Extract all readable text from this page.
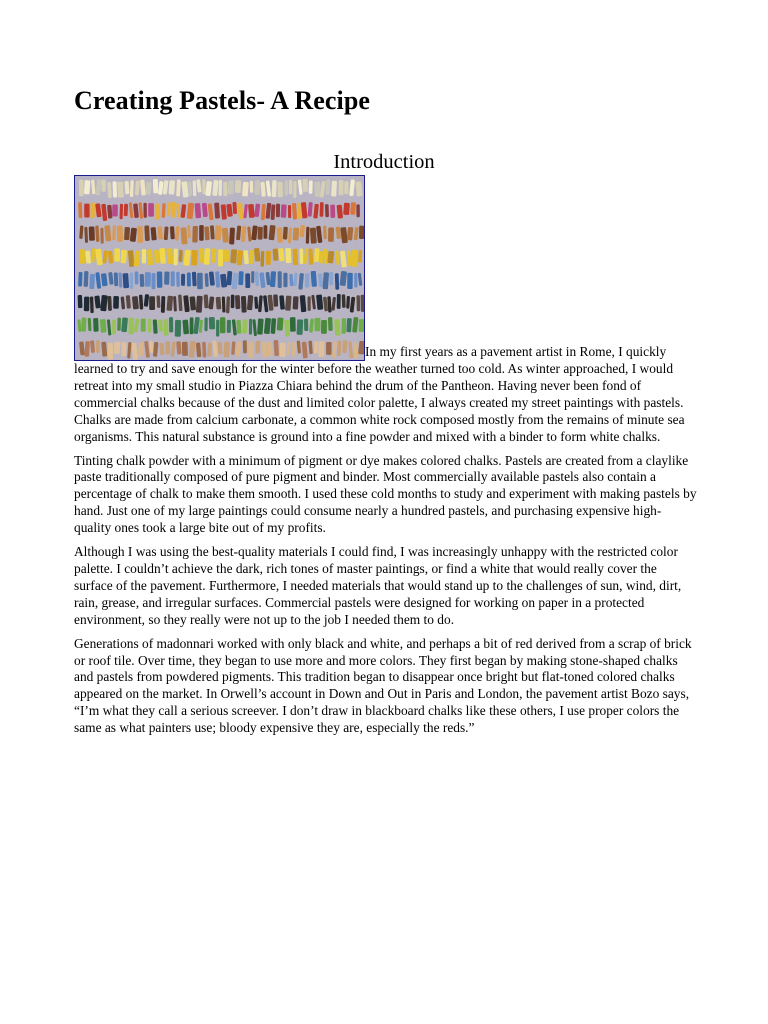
Creating Pastels- A Recipe
Introduction

In my first years as a pavement artist in Rome, I quickly learned to try and save enough for the winter before the weather turned too cold. As winter approached, I would retreat into my small studio in Piazza Chiara behind the drum of the Pantheon. Having never been fond of commercial chalks because of the dust and limited color palette, I always created my street paintings with pastels. Chalks are made from calcium carbonate, a common white rock composed mostly from the remains of minute sea organisms. This natural substance is ground into a fine powder and mixed with a binder to form white chalks.

Tinting chalk powder with a minimum of pigment or dye makes colored chalks. Pastels are created from a claylike paste traditionally composed of pure pigment and binder. Most commercially available pastels also contain a percentage of chalk to make them smooth. I used these cold months to study and experiment with making pastels by hand. Just one of my large paintings could consume nearly a hundred pastels, and purchasing expensive high-quality ones took a large bite out of my profits.

Although I was using the best-quality materials I could find, I was increasingly unhappy with the restricted color palette. I couldn’t achieve the dark, rich tones of master paintings, or find a white that would really cover the surface of the pavement. Furthermore, I needed materials that would stand up to the challenges of sun, wind, dirt, rain, grease, and irregular surfaces. Commercial pastels were designed for working on paper in a protected environment, so they really were not up to the job I needed them to do.

Generations of madonnari worked with only black and white, and perhaps a bit of red derived from a scrap of brick or roof tile. Over time, they began to use more and more colors. They first began by making stone-shaped chalks and pastels from powdered pigments. This tradition began to disappear once bright but flat-toned colored chalks appeared on the market. In Orwell’s account in Down and Out in Paris and London, the pavement artist Bozo says, “I’m what they call a serious screever. I don’t draw in blackboard chalks like these others, I use proper colors the same as what painters use; bloody expensive they are, especially the reds.”
